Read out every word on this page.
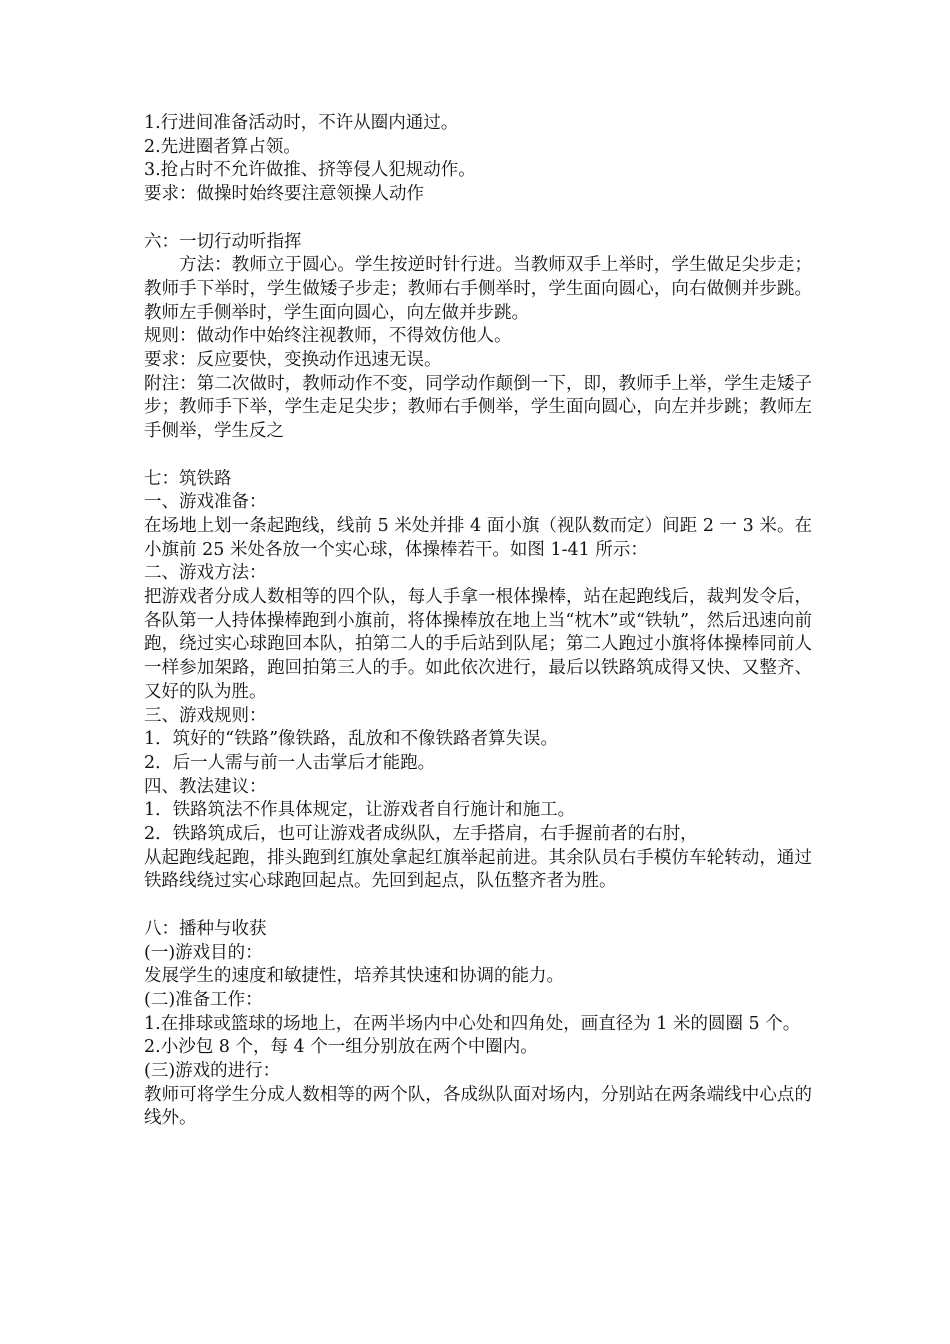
1.行进间准备活动时，不许从圈内通过。

2.先进圈者算占领。

3.抢占时不允许做推、挤等侵人犯规动作。

要求：做操时始终要注意领操人动作

六：一切行动听指挥

方法：教师立于圆心。学生按逆时针行进。当教师双手上举时，学生做足尖步走；教师手下举时，学生做矮子步走；教师右手侧举时，学生面向圆心，向右做侧并步跳。教师左手侧举时，学生面向圆心，向左做并步跳。

规则：做动作中始终注视教师，不得效仿他人。

要求：反应要快，变换动作迅速无误。

附注：第二次做时，教师动作不变，同学动作颠倒一下，即，教师手上举，学生走矮子步；教师手下举，学生走足尖步；教师右手侧举，学生面向圆心，向左并步跳；教师左手侧举，学生反之

七：筑铁路

一、游戏准备：

在场地上划一条起跑线，线前 5 米处并排 4 面小旗（视队数而定）间距 2 一 3 米。在小旗前 25 米处各放一个实心球，体操棒若干。如图 1-41 所示：

二、游戏方法：

把游戏者分成人数相等的四个队，每人手拿一根体操棒，站在起跑线后，裁判发令后，各队第一人持体操棒跑到小旗前，将体操棒放在地上当“枕木”或“铁轨”，然后迅速向前跑，绕过实心球跑回本队，拍第二人的手后站到队尾；第二人跑过小旗将体操棒同前人一样参加架路，跑回拍第三人的手。如此依次进行，最后以铁路筑成得又快、又整齐、又好的队为胜。

三、游戏规则：

1．筑好的“铁路”像铁路，乱放和不像铁路者算失误。

2．后一人需与前一人击掌后才能跑。

四、教法建议：

1．铁路筑法不作具体规定，让游戏者自行施计和施工。

2．铁路筑成后，也可让游戏者成纵队，左手搭肩，右手握前者的右肘，

从起跑线起跑，排头跑到红旗处拿起红旗举起前进。其余队员右手模仿车轮转动，通过铁路线绕过实心球跑回起点。先回到起点，队伍整齐者为胜。

八：播种与收获

(一)游戏目的：

发展学生的速度和敏捷性，培养其快速和协调的能力。

(二)准备工作：

1.在排球或篮球的场地上，在两半场内中心处和四角处，画直径为 1 米的圆圈 5 个。

2.小沙包 8 个，每 4 个一组分别放在两个中圈内。

(三)游戏的进行：

教师可将学生分成人数相等的两个队，各成纵队面对场内，分别站在两条端线中心点的线外。
